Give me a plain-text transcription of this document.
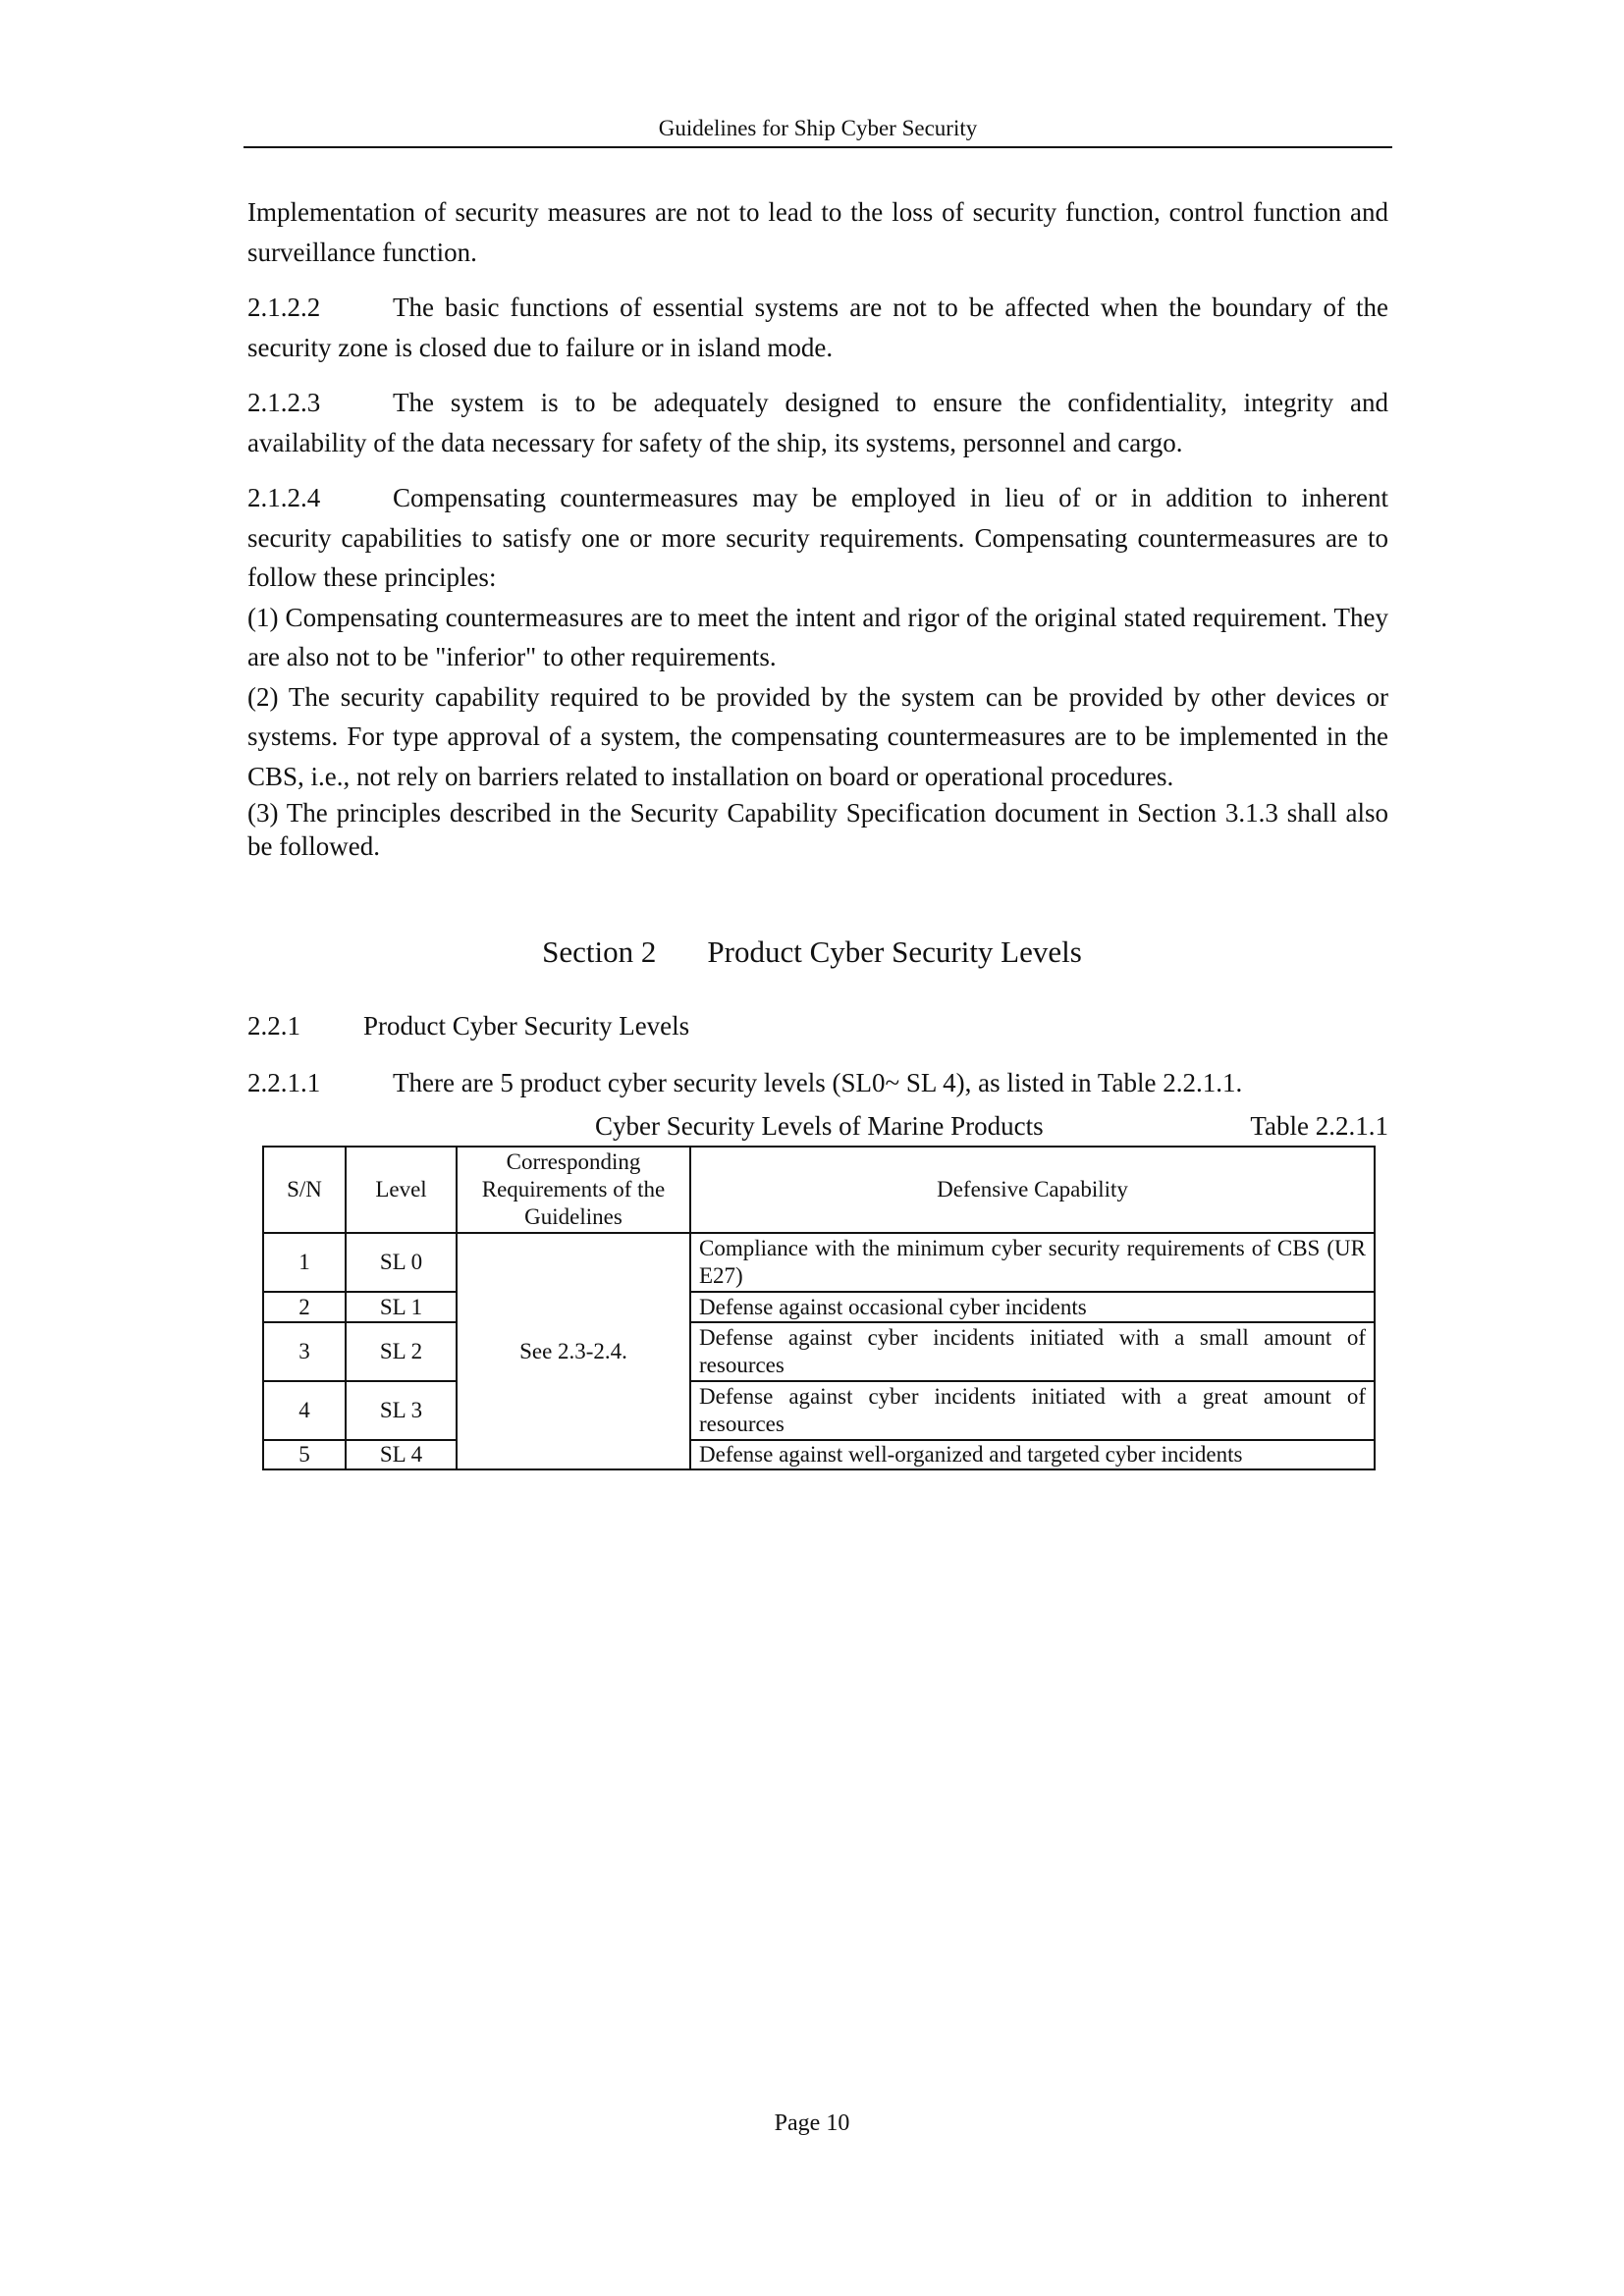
Guidelines for Ship Cyber Security

Implementation of security measures are not to lead to the loss of security function, control function and surveillance function.

2.1.2.2	The basic functions of essential systems are not to be affected when the boundary of the security zone is closed due to failure or in island mode.

2.1.2.3	The system is to be adequately designed to ensure the confidentiality, integrity and availability of the data necessary for safety of the ship, its systems, personnel and cargo.

2.1.2.4	Compensating countermeasures may be employed in lieu of or in addition to inherent security capabilities to satisfy one or more security requirements. Compensating countermeasures are to follow these principles:

(1) Compensating countermeasures are to meet the intent and rigor of the original stated requirement. They are also not to be "inferior" to other requirements.

(2) The security capability required to be provided by the system can be provided by other devices or systems. For type approval of a system, the compensating countermeasures are to be implemented in the CBS, i.e., not rely on barriers related to installation on board or operational procedures.

(3) The principles described in the Security Capability Specification document in Section 3.1.3 shall also be followed.

Section 2 Product Cyber Security Levels
2.2.1 Product Cyber Security Levels
2.2.1.1	There are 5 product cyber security levels (SL0~ SL 4), as listed in Table 2.2.1.1.
Cyber Security Levels of Marine Products	Table 2.2.1.1
S/N	Level	Corresponding Requirements of the Guidelines	Defensive Capability
1	SL 0	See 2.3-2.4.	Compliance with the minimum cyber security requirements of CBS (UR E27)
2	SL 1		Defense against occasional cyber incidents
3	SL 2		Defense against cyber incidents initiated with a small amount of resources
4	SL 3		Defense against cyber incidents initiated with a great amount of resources
5	SL 4		Defense against well-organized and targeted cyber incidents
Page 10
